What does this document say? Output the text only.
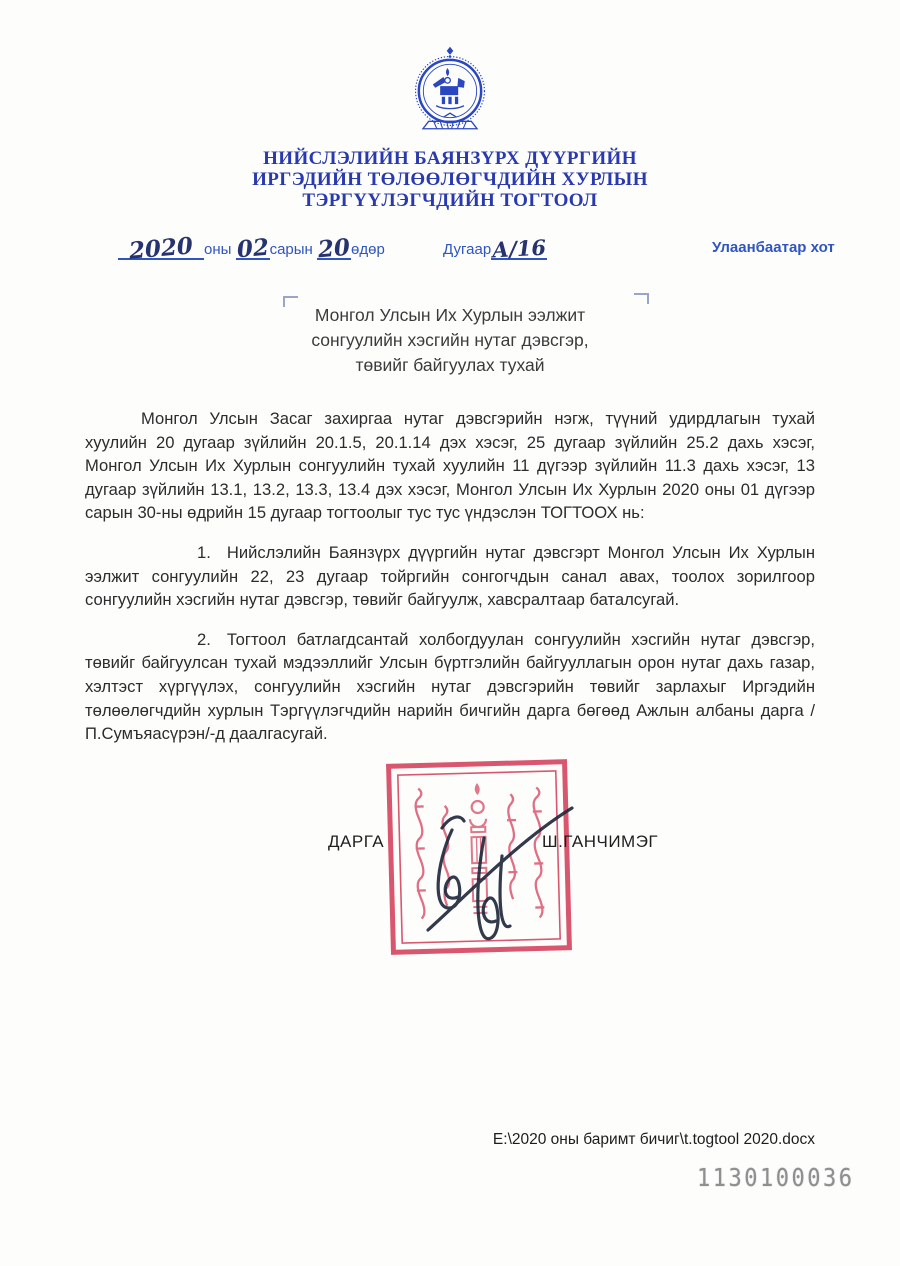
НИЙСЛЭЛИЙН БАЯНЗҮРХ ДҮҮРГИЙН
ИРГЭДИЙН ТӨЛӨӨЛӨГЧДИЙН ХУРЛЫН
ТЭРГҮҮЛЭГЧДИЙН ТОГТООЛ
2020 оны 02сарын 20өдөр	ДугаарА/16	Улаанбаатар хот
Монгол Улсын Их Хурлын ээлжит
сонгуулийн хэсгийн нутаг дэвсгэр,
төвийг байгуулах тухай

Монгол Улсын Засаг захиргаа нутаг дэвсгэрийн нэгж, түүний удирдлагын тухай хуулийн 20 дугаар зүйлийн 20.1.5, 20.1.14 дэх хэсэг, 25 дугаар зүйлийн 25.2 дахь хэсэг, Монгол Улсын Их Хурлын сонгуулийн тухай хуулийн 11 дүгээр зүйлийн 11.3 дахь хэсэг, 13 дугаар зүйлийн 13.1, 13.2, 13.3, 13.4 дэх хэсэг, Монгол Улсын Их Хурлын 2020 оны 01 дүгээр сарын 30-ны өдрийн 15 дугаар тогтоолыг тус тус үндэслэн ТОГТООХ нь:

1. Нийслэлийн Баянзүрх дүүргийн нутаг дэвсгэрт Монгол Улсын Их Хурлын ээлжит сонгуулийн 22, 23 дугаар тойргийн сонгогчдын санал авах, тоолох зорилгоор сонгуулийн хэсгийн нутаг дэвсгэр, төвийг байгуулж, хавсралтаар баталсугай.

2. Тогтоол батлагдсантай холбогдуулан сонгуулийн хэсгийн нутаг дэвсгэр, төвийг байгуулсан тухай мэдээллийг Улсын бүртгэлийн байгууллагын орон нутаг дахь газар, хэлтэст хүргүүлэх, сонгуулийн хэсгийн нутаг дэвсгэрийн төвийг зарлахыг Иргэдийн төлөөлөгчдийн хурлын Тэргүүлэгчдийн нарийн бичгийн дарга бөгөөд Ажлын албаны дарга /П.Сумъяасүрэн/-д даалгасугай.

ДАРГА	Ш.ГАНЧИМЭГ
E:\2020 оны баримт бичиг\t.togtool 2020.docx
1130100036
